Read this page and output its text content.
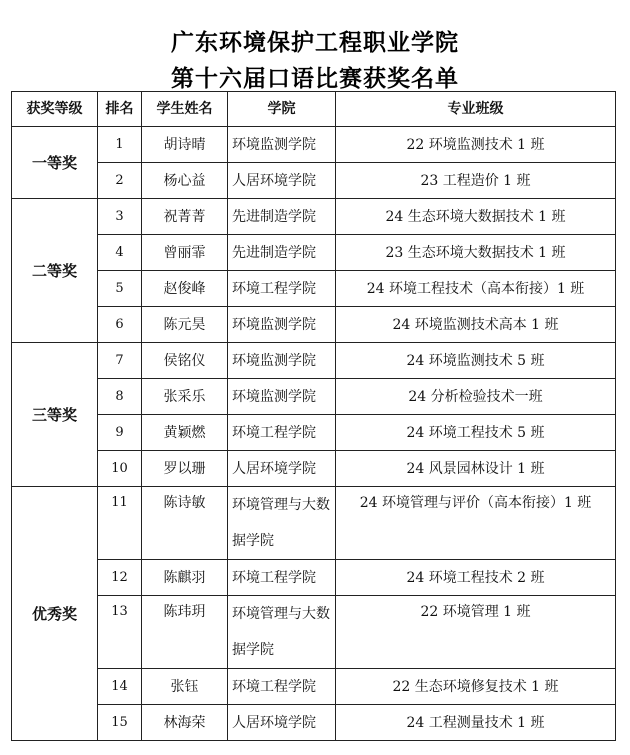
广东环境保护工程职业学院
第十六届口语比赛获奖名单
获奖等级	排名	学生姓名	学院	专业班级
一等奖	1	胡诗晴	环境监测学院	22 环境监测技术 1 班
	2	杨心益	人居环境学院	23 工程造价 1 班
二等奖	3	祝菁菁	先进制造学院	24 生态环境大数据技术 1 班
	4	曾丽霏	先进制造学院	23 生态环境大数据技术 1 班
	5	赵俊峰	环境工程学院	24 环境工程技术（高本衔接）1 班
	6	陈元昊	环境监测学院	24 环境监测技术高本 1 班
三等奖	7	侯铭仪	环境监测学院	24 环境监测技术 5 班
	8	张采乐	环境监测学院	24 分析检验技术一班
	9	黄颖燃	环境工程学院	24 环境工程技术 5 班
	10	罗以珊	人居环境学院	24 风景园林设计 1 班
优秀奖	11	陈诗敏	环境管理与大数据学院	24 环境管理与评价（高本衔接）1 班
	12	陈麒羽	环境工程学院	24 环境工程技术 2 班
	13	陈玮玥	环境管理与大数据学院	22 环境管理 1 班
	14	张钰	环境工程学院	22 生态环境修复技术 1 班
	15	林海荣	人居环境学院	24 工程测量技术 1 班
